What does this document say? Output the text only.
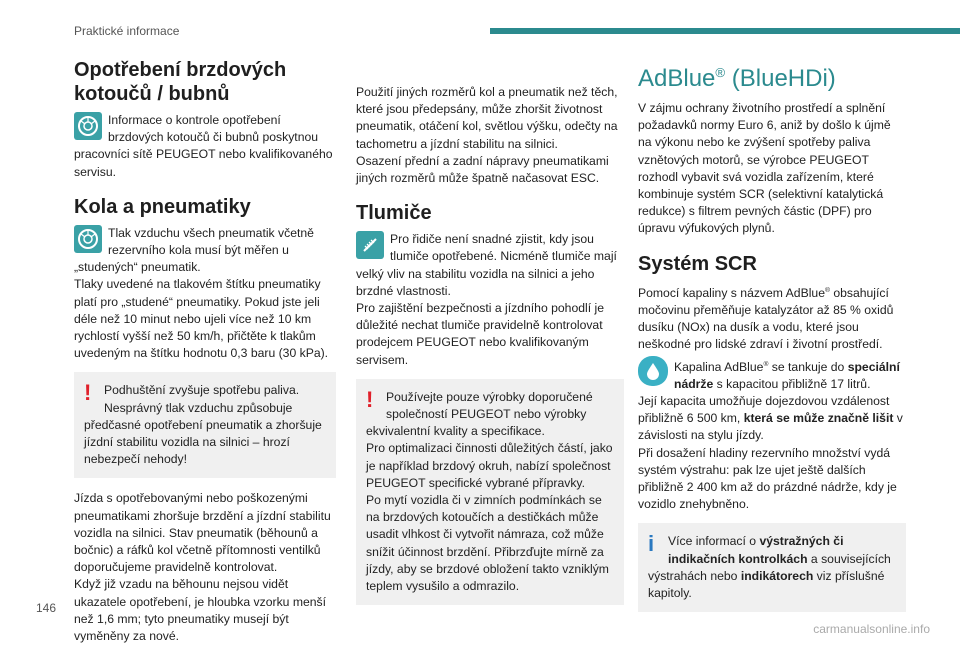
Praktické informace
Opotřebení brzdových kotoučů / bubnů

Informace o kontrole opotřebení brzdových kotoučů či bubnů poskytnou pracovníci sítě PEUGEOT nebo kvalifikovaného servisu.

Kola a pneumatiky

Tlak vzduchu všech pneumatik včetně rezervního kola musí být měřen u „studených“ pneumatik.
Tlaky uvedené na tlakovém štítku pneumatiky platí pro „studené“ pneumatiky. Pokud jste jeli déle než 10 minut nebo ujeli více než 10 km rychlostí vyšší než 50 km/h, přičtěte k tlakům uvedeným na štítku hodnotu 0,3 baru (30 kPa).

!	Podhuštění zvyšuje spotřebu paliva. Nesprávný tlak vzduchu způsobuje předčasné opotřebení pneumatik a zhoršuje jízdní stabilitu vozidla na silnici – hrozí nebezpečí nehody!

Jízda s opotřebovanými nebo poškozenými pneumatikami zhoršuje brzdění a jízdní stabilitu vozidla na silnici. Stav pneumatik (běhounů a bočnic) a ráfků kol včetně přítomnosti ventilků doporučujeme pravidelně kontrolovat.
Když již vzadu na běhounu nejsou vidět ukazatele opotřebení, je hloubka vzorku menší než 1,6 mm; tyto pneumatiky musejí být vyměněny za nové.

Použití jiných rozměrů kol a pneumatik než těch, které jsou předepsány, může zhoršit životnost pneumatik, otáčení kol, světlou výšku, odečty na tachometru a jízdní stabilitu na silnici.
Osazení přední a zadní nápravy pneumatikami jiných rozměrů může špatně načasovat ESC.

Tlumiče

Pro řidiče není snadné zjistit, kdy jsou tlumiče opotřebené. Nicméně tlumiče mají velký vliv na stabilitu vozidla na silnici a jeho brzdné vlastnosti.
Pro zajištění bezpečnosti a jízdního pohodlí je důležité nechat tlumiče pravidelně kontrolovat prodejcem PEUGEOT nebo kvalifikovaným servisem.

!	Používejte pouze výrobky doporučené společností PEUGEOT nebo výrobky ekvivalentní kvality a specifikace.
Pro optimalizaci činnosti důležitých částí, jako je například brzdový okruh, nabízí společnost PEUGEOT specifické vybrané přípravky.
Po mytí vozidla či v zimních podmínkách se na brzdových kotoučích a destičkách může usadit vlhkost či vytvořit námraza, což může snížit účinnost brzdění. Přibrzďujte mírně za jízdy, aby se brzdové obložení takto vzniklým teplem vysušilo a odmrazilo.
AdBlue® (BlueHDi)

V zájmu ochrany životního prostředí a splnění požadavků normy Euro 6, aniž by došlo k újmě na výkonu nebo ke zvýšení spotřeby paliva vznětových motorů, se výrobce PEUGEOT rozhodl vybavit svá vozidla zařízením, které kombinuje systém SCR (selektivní katalytická redukce) s filtrem pevných částic (DPF) pro úpravu výfukových plynů.

Systém SCR

Pomocí kapaliny s názvem AdBlue® obsahující močovinu přeměňuje katalyzátor až 85 % oxidů dusíku (NOx) na dusík a vodu, které jsou neškodné pro lidské zdraví i životní prostředí.

Kapalina AdBlue® se tankuje do speciální nádrže s kapacitou přibližně 17 litrů.
Její kapacita umožňuje dojezdovou vzdálenost přibližně 6 500 km, která se může značně lišit v závislosti na stylu jízdy.
Při dosažení hladiny rezervního množství vydá systém výstrahu: pak lze ujet ještě dalších přibližně 2 400 km až do prázdné nádrže, kdy je vozidlo znehybněno.

i	Více informací o výstražných či indikačních kontrolkách a souvisejících výstrahách nebo indikátorech viz příslušné kapitoly.
146
carmanualsonline.info
